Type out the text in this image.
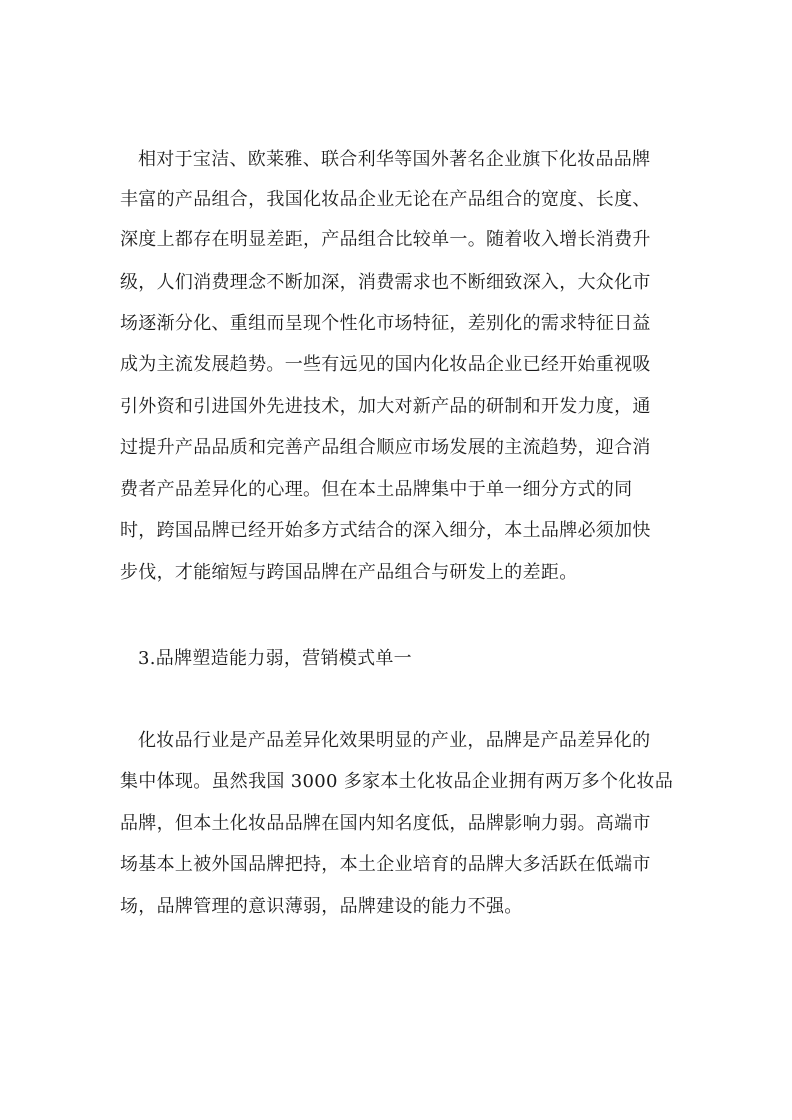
相对于宝洁、欧莱雅、联合利华等国外著名企业旗下化妆品品牌
丰富的产品组合，我国化妆品企业无论在产品组合的宽度、长度、
深度上都存在明显差距，产品组合比较单一。随着收入增长消费升
级，人们消费理念不断加深，消费需求也不断细致深入，大众化市
场逐渐分化、重组而呈现个性化市场特征，差别化的需求特征日益
成为主流发展趋势。一些有远见的国内化妆品企业已经开始重视吸
引外资和引进国外先进技术，加大对新产品的研制和开发力度，通
过提升产品品质和完善产品组合顺应市场发展的主流趋势，迎合消
费者产品差异化的心理。但在本土品牌集中于单一细分方式的同
时，跨国品牌已经开始多方式结合的深入细分，本土品牌必须加快
步伐，才能缩短与跨国品牌在产品组合与研发上的差距。
3.品牌塑造能力弱，营销模式单一
化妆品行业是产品差异化效果明显的产业，品牌是产品差异化的
集中体现。虽然我国 3000 多家本土化妆品企业拥有两万多个化妆品
品牌，但本土化妆品品牌在国内知名度低，品牌影响力弱。高端市
场基本上被外国品牌把持，本土企业培育的品牌大多活跃在低端市
场，品牌管理的意识薄弱，品牌建设的能力不强。
